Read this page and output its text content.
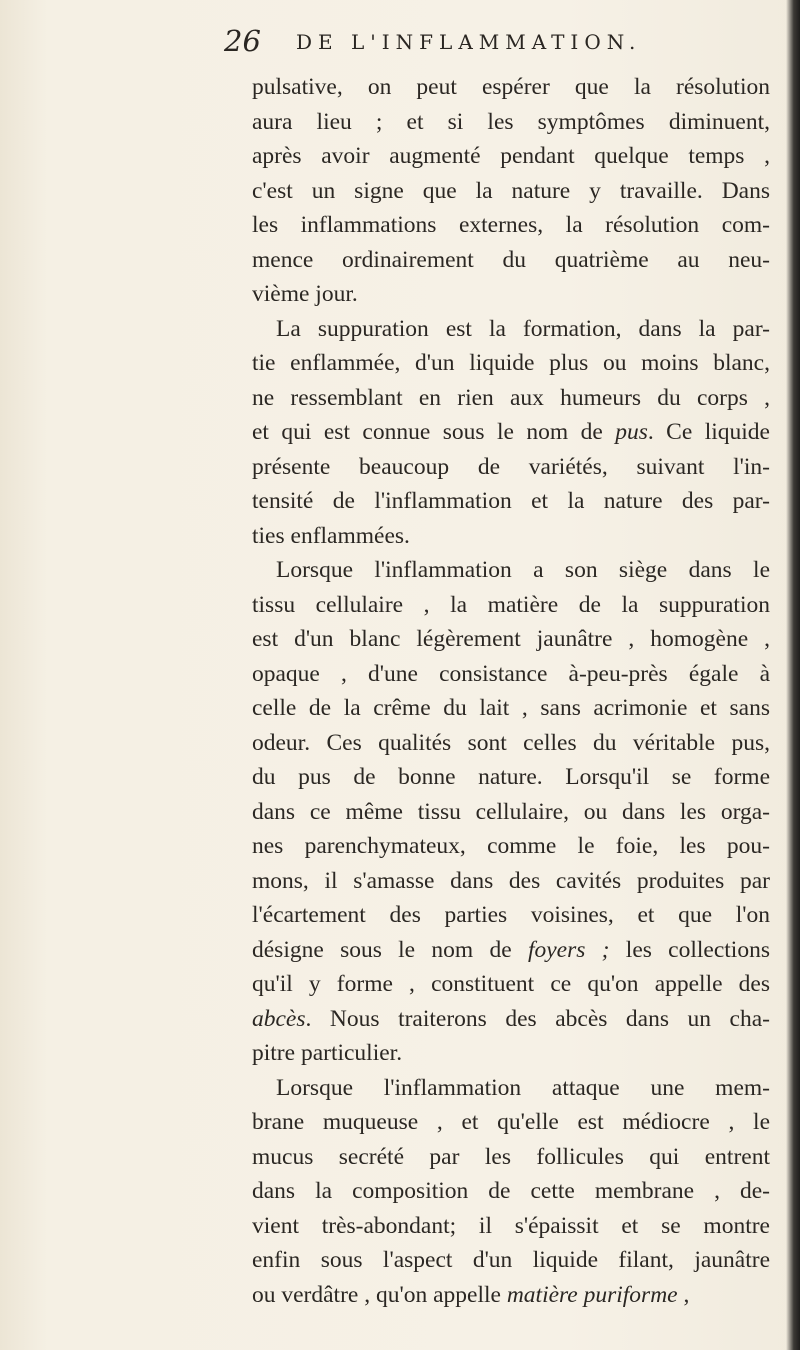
26 DE L'INFLAMMATION.
pulsative, on peut espérer que la résolution
aura lieu ; et si les symptômes diminuent,
après avoir augmenté pendant quelque temps ,
c'est un signe que la nature y travaille. Dans
les inflammations externes, la résolution com-
mence ordinairement du quatrième au neu-
vième jour.
La suppuration est la formation, dans la par-
tie enflammée, d'un liquide plus ou moins blanc,
ne ressemblant en rien aux humeurs du corps ,
et qui est connue sous le nom de pus. Ce liquide
présente beaucoup de variétés, suivant l'in-
tensité de l'inflammation et la nature des par-
ties enflammées.
Lorsque l'inflammation a son siège dans le
tissu cellulaire , la matière de la suppuration
est d'un blanc légèrement jaunâtre , homogène ,
opaque , d'une consistance à-peu-près égale à
celle de la crême du lait , sans acrimonie et sans
odeur. Ces qualités sont celles du véritable pus,
du pus de bonne nature. Lorsqu'il se forme
dans ce même tissu cellulaire, ou dans les orga-
nes parenchymateux, comme le foie, les pou-
mons, il s'amasse dans des cavités produites par
l'écartement des parties voisines, et que l'on
désigne sous le nom de foyers ; les collections
qu'il y forme , constituent ce qu'on appelle des
abcès. Nous traiterons des abcès dans un cha-
pitre particulier.
Lorsque l'inflammation attaque une mem-
brane muqueuse , et qu'elle est médiocre , le
mucus secrété par les follicules qui entrent
dans la composition de cette membrane , de-
vient très-abondant; il s'épaissit et se montre
enfin sous l'aspect d'un liquide filant, jaunâtre
ou verdâtre , qu'on appelle matière puriforme ,
